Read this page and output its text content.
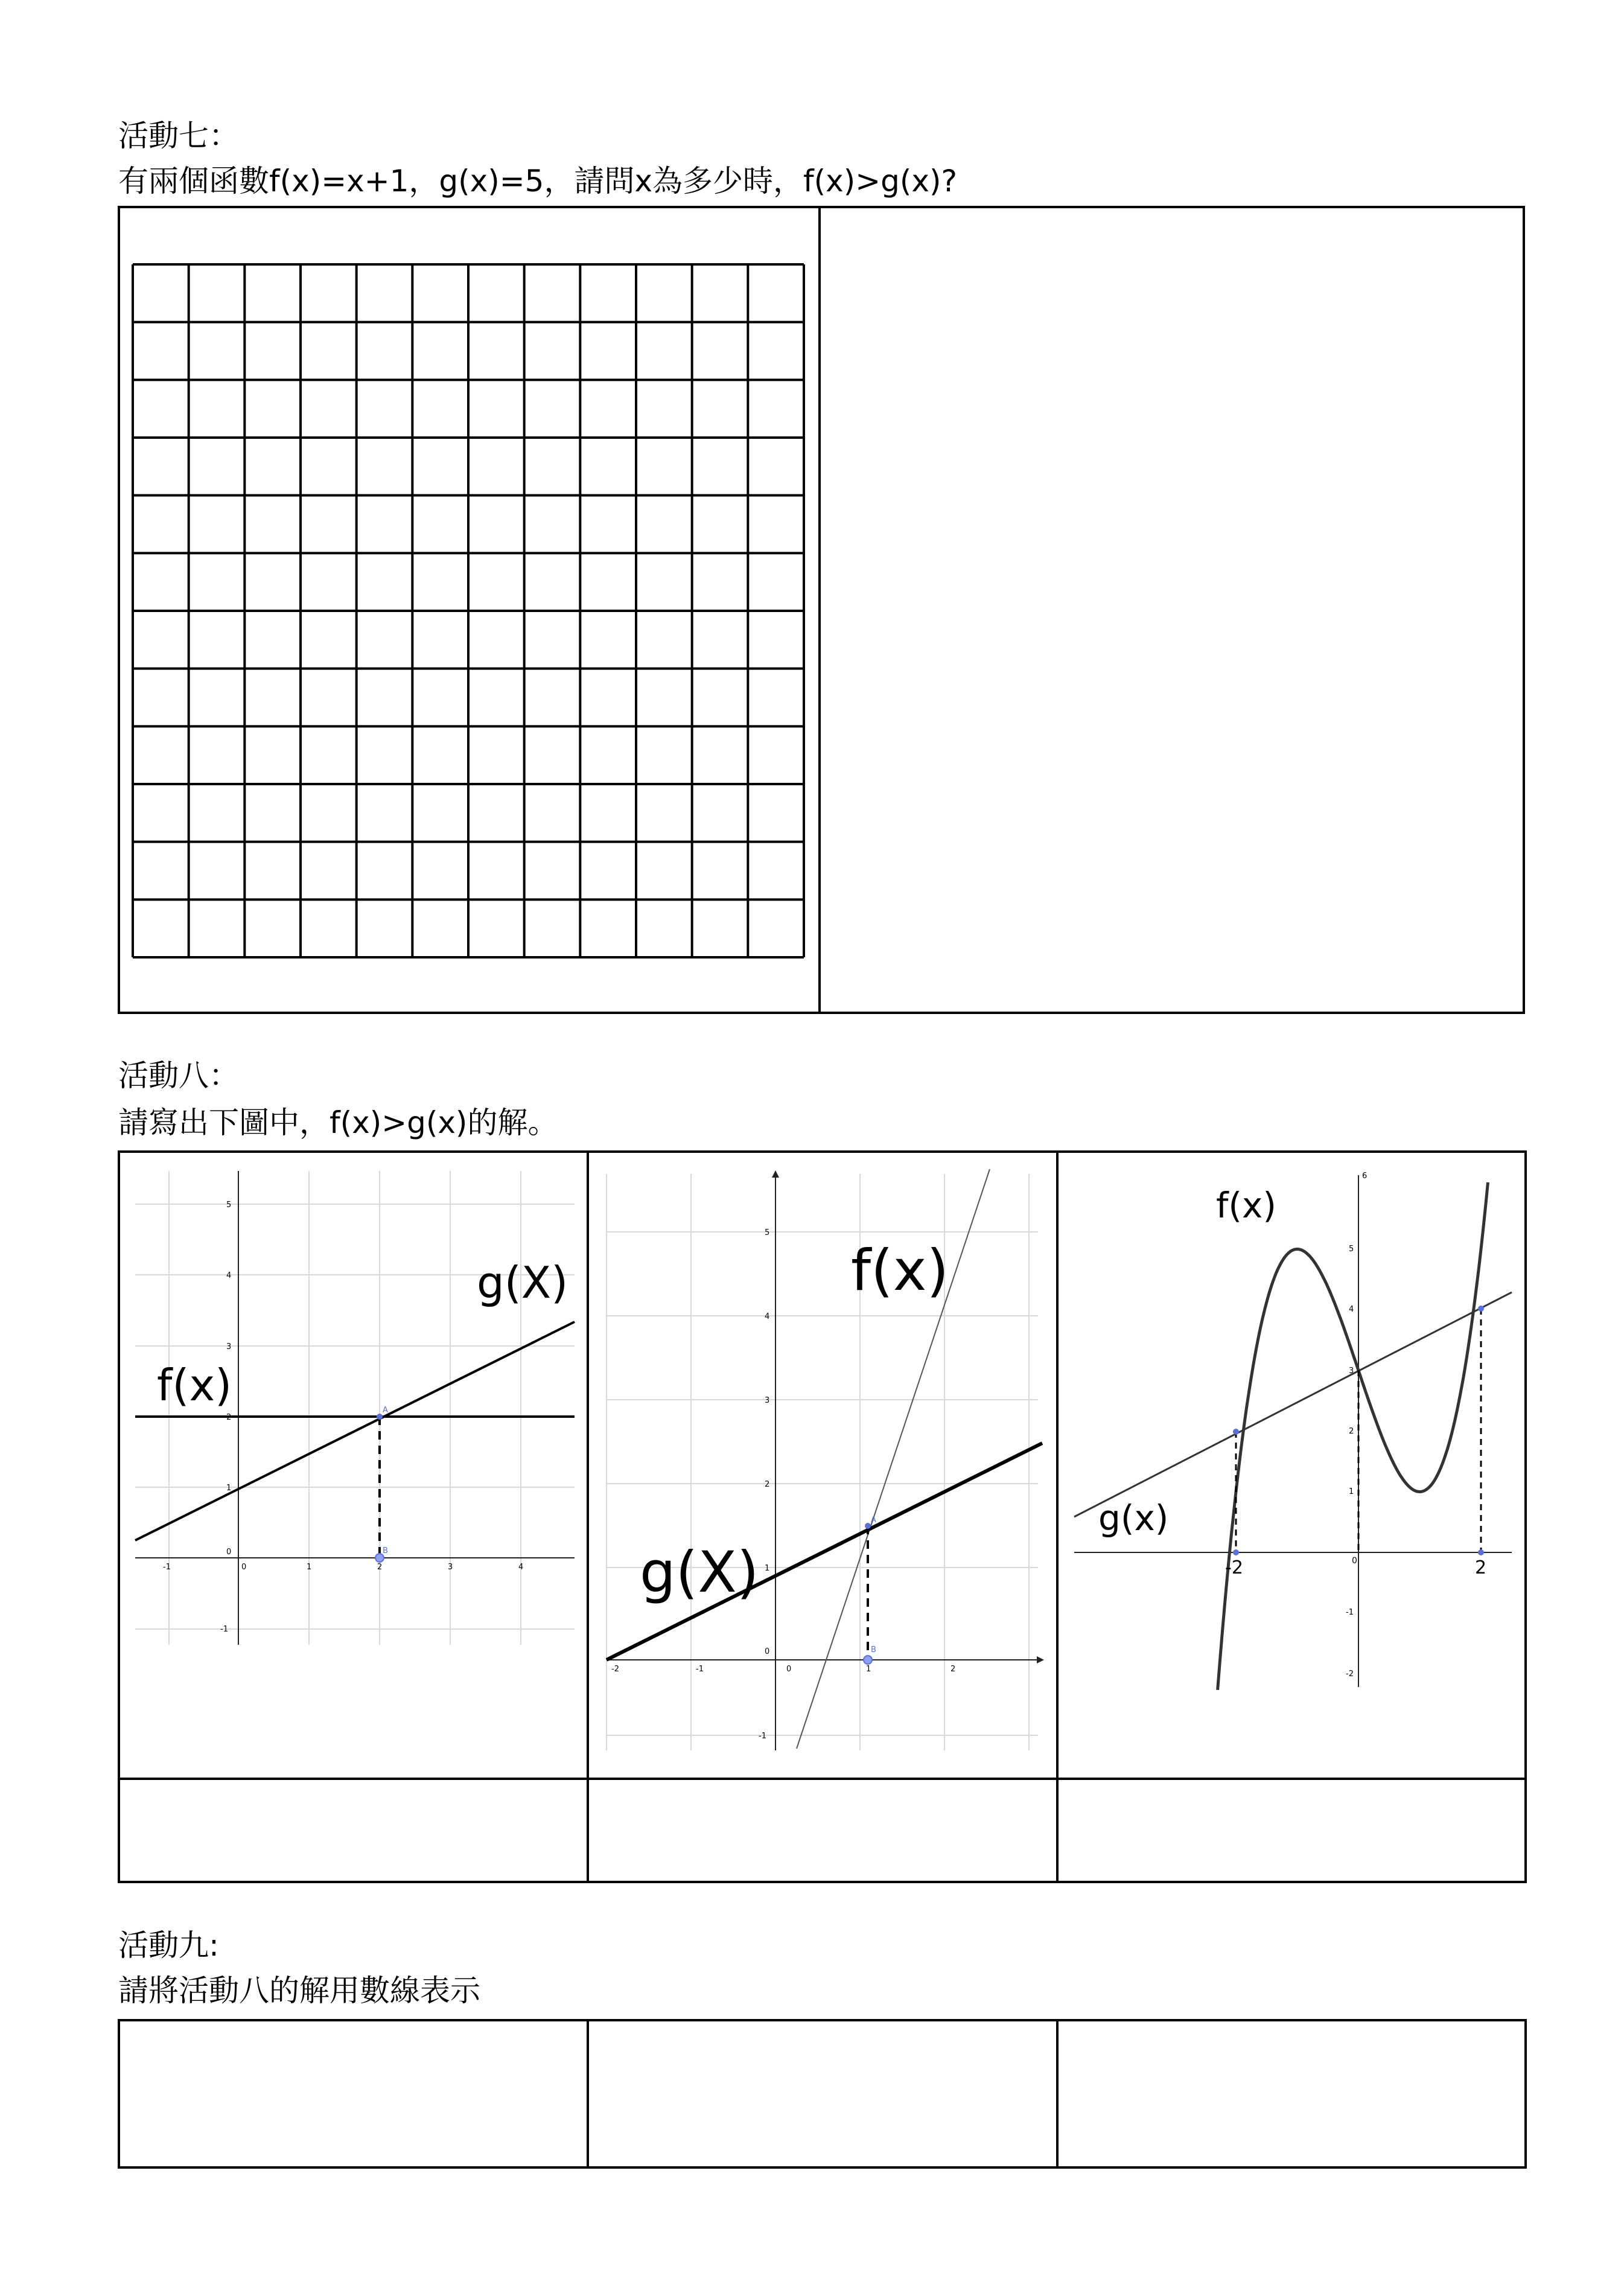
活動七：
有兩個函數f(x)=x+1，g(x)=5，請問x為多少時，f(x)>g(x)?
活動八：
請寫出下圖中，f(x)>g(x)的解。
A
B
-1	0	1	2	3	4
-1
1
2
3
4
5
0
f(x)
g(X)
A
B
-2	-1	0	1	2
-1
0
1
2
3
4
5
f(x)
g(X)
6
-2
-1
1
2
3
4
5
-2	0	2
f(x)
g(x)
活動九:
請將活動八的解用數線表示
